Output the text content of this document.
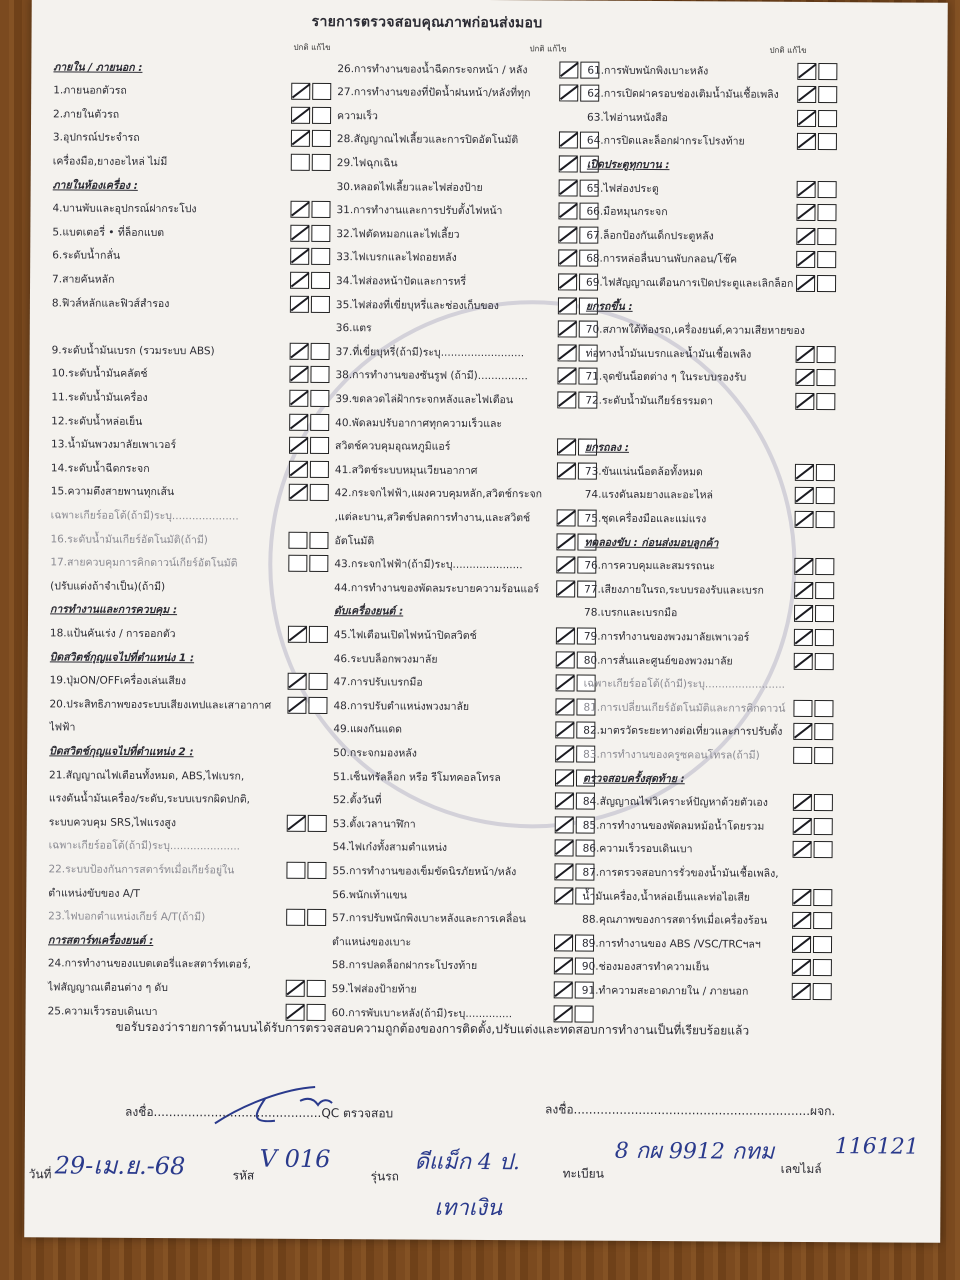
รายการตรวจสอบคุณภาพก่อนส่งมอบ
ปกติ แก้ไข	ปกติ แก้ไข	ปกติ แก้ไข
ภายใน / ภายนอก :
1.ภายนอกตัวรถ
2.ภายในตัวรถ
3.อุปกรณ์ประจำรถ
เครื่องมือ,ยางอะไหล่ ไม่มี
ภายในห้องเครื่อง :
4.บานพับและอุปกรณ์ฝากระโปง
5.แบตเตอรี่ • ที่ล็อกแบต
6.ระดับน้ำกลั่น
7.สายคันหลัก
8.ฟิวส์หลักและฟิวส์สำรอง
9.ระดับน้ำมันเบรก (รวมระบบ ABS)
10.ระดับน้ำมันคลัตช์
11.ระดับน้ำมันเครื่อง
12.ระดับน้ำหล่อเย็น
13.น้ำมันพวงมาลัยเพาเวอร์
14.ระดับน้ำฉีดกระจก
15.ความตึงสายพานทุกเส้น
เฉพาะเกียร์ออโต้(ถ้ามี)ระบุ....................
16.ระดับน้ำมันเกียร์อัตโนมัติ(ถ้ามี)
17.สายควบคุมการคิกดาวน์เกียร์อัตโนมัติ
(ปรับแต่งถ้าจำเป็น)(ถ้ามี)
การทำงานและการควบคุม :
18.แป้นคันเร่ง / การออกตัว
บิดสวิตช์กุญแจไปที่ตำแหน่ง 1 :
19.ปุ่มON/OFFเครื่องเล่นเสียง
20.ประสิทธิภาพของระบบเสียงเทปและเสาอากาศ
ไฟฟ้า
บิดสวิตช์กุญแจไปที่ตำแหน่ง 2 :
21.สัญญาณไฟเตือนทั้งหมด, ABS,ไฟเบรก,
แรงดันน้ำมันเครื่อง/ระดับ,ระบบเบรกผิดปกติ,
ระบบควบคุม SRS,ไฟแรงสูง
เฉพาะเกียร์ออโต้(ถ้ามี)ระบุ.....................
22.ระบบป้องกันการสตาร์ทเมื่อเกียร์อยู่ใน
ตำแหน่งขับของ A/T
23.ไฟบอกตำแหน่งเกียร์ A/T(ถ้ามี)
การสตาร์ทเครื่องยนต์ :
24.การทำงานของแบตเตอรี่และสตาร์ทเตอร์,
ไฟสัญญาณเตือนต่าง ๆ ดับ
25.ความเร็วรอบเดินเบา
26.การทำงานของน้ำฉีดกระจกหน้า / หลัง
27.การทำงานของที่ปัดน้ำฝนหน้า/หลังที่ทุก
ความเร็ว
28.สัญญาณไฟเลี้ยวและการปิดอัตโนมัติ
29.ไฟฉุกเฉิน
30.หลอดไฟเลี้ยวและไฟส่องป้าย
31.การทำงานและการปรับตั้งไฟหน้า
32.ไฟตัดหมอกและไฟเลี้ยว
33.ไฟเบรกและไฟถอยหลัง
34.ไฟส่องหน้าปัดและการหรี่
35.ไฟส่องที่เขี่ยบุหรี่และช่องเก็บของ
36.แตร
37.ที่เขี่ยบุหรี่(ถ้ามี)ระบุ.........................
38.การทำงานของซันรูฟ (ถ้ามี)...............
39.ขดลวดไล่ฝ้ากระจกหลังและไฟเตือน
40.พัดลมปรับอากาศทุกความเร็วและ
สวิตช์ควบคุมอุณหภูมิแอร์
41.สวิตช์ระบบหมุนเวียนอากาศ
42.กระจกไฟฟ้า,แผงควบคุมหลัก,สวิตช์กระจก
,แต่ละบาน,สวิตช์ปลดการทำงาน,และสวิตช์
อัตโนมัติ
43.กระจกไฟฟ้า(ถ้ามี)ระบุ.....................
44.การทำงานของพัดลมระบายความร้อนแอร์
ดับเครื่องยนต์ :
45.ไฟเตือนเปิดไฟหน้าปิดสวิตช์
46.ระบบล็อกพวงมาลัย
47.การปรับเบรกมือ
48.การปรับตำแหน่งพวงมาลัย
49.แผงกันแดด
50.กระจกมองหลัง
51.เซ็นทรัลล็อก หรือ รีโมทคอลโทรล
52.ตั้งวันที่
53.ตั้งเวลานาฬิกา
54.ไฟเก๋งทั้งสามตำแหน่ง
55.การทำงานของเข็มขัดนิรภัยหน้า/หลัง
56.พนักเท้าแขน
57.การปรับพนักพิงเบาะหลังและการเคลื่อน
ตำแหน่งของเบาะ
58.การปลดล็อกฝากระโปรงท้าย
59.ไฟส่องป้ายท้าย
60.การพับเบาะหลัง(ถ้ามี)ระบุ..............
61.การพับพนักพิงเบาะหลัง
62.การเปิดฝาครอบช่องเติมน้ำมันเชื้อเพลิง
63.ไฟอ่านหนังสือ
64.การปิดและล็อกฝากระโปรงท้าย
เปิดประตูทุกบาน :
65.ไฟส่องประตู
66.มือหมุนกระจก
67.ล็อกป้องกันเด็กประตูหลัง
68.การหล่อลื่นบานพับกลอน/โช๊ค
69.ไฟสัญญาณเตือนการเปิดประตูและเลิกล็อก
ยกรถขึ้น :
70.สภาพใต้ท้องรถ,เครื่องยนต์,ความเสียหายของ
ท่อทางน้ำมันเบรกและน้ำมันเชื้อเพลิง
71.จุดขันน็อตต่าง ๆ ในระบบรองรับ
72.ระดับน้ำมันเกียร์ธรรมดา
ยกรถลง :
73.ขันแน่นน็อตล้อทั้งหมด
74.แรงดันลมยางและอะไหล่
75.ชุดเครื่องมือและแม่แรง
ทดลองขับ : ก่อนส่งมอบลูกค้า
76.การควบคุมและสมรรถนะ
77.เสียงภายในรถ,ระบบรองรับและเบรก
78.เบรกและเบรกมือ
79.การทำงานของพวงมาลัยเพาเวอร์
80.การสั่นและศูนย์ของพวงมาลัย
เฉพาะเกียร์ออโต้(ถ้ามี)ระบุ........................
81.การเปลี่ยนเกียร์อัตโนมัติและการคิกดาวน์
82.มาตรวัดระยะทางต่อเที่ยวและการปรับตั้ง
83.การทำงานของครูซคอนโทรล(ถ้ามี)
ตรวจสอบครั้งสุดท้าย :
84.สัญญาณไฟวิเคราะห์ปัญหาด้วยตัวเอง
85.การทำงานของพัดลมหม้อน้ำโดยรวม
86.ความเร็วรอบเดินเบา
87.การตรวจสอบการรั่วของน้ำมันเชื้อเพลิง,
น้ำมันเครื่อง,น้ำหล่อเย็นและท่อไอเสีย
88.คุณภาพของการสตาร์ทเมื่อเครื่องร้อน
89.การทำงานของ ABS /VSC/TRCฯลฯ
90.ช่องมองสารทำความเย็น
91.ทำความสะอาดภายใน / ภายนอก
ขอรับรองว่ารายการด้านบนได้รับการตรวจสอบความถูกต้องของการติดตั้ง,ปรับแต่งและทดสอบการทำงานเป็นที่เรียบร้อยแล้ว
ลงชื่อ............................................QC ตรวจสอบ	ลงชื่อ..............................................................ผจก.
วันที่ 29-เม.ย.-68	รหัส
V 016
รุ่นรถ
ดีแม็ก 4 ป.	ทะเบียน
8 กผ 9912 กทม
เลขไมล์
116121
เทาเงิน
